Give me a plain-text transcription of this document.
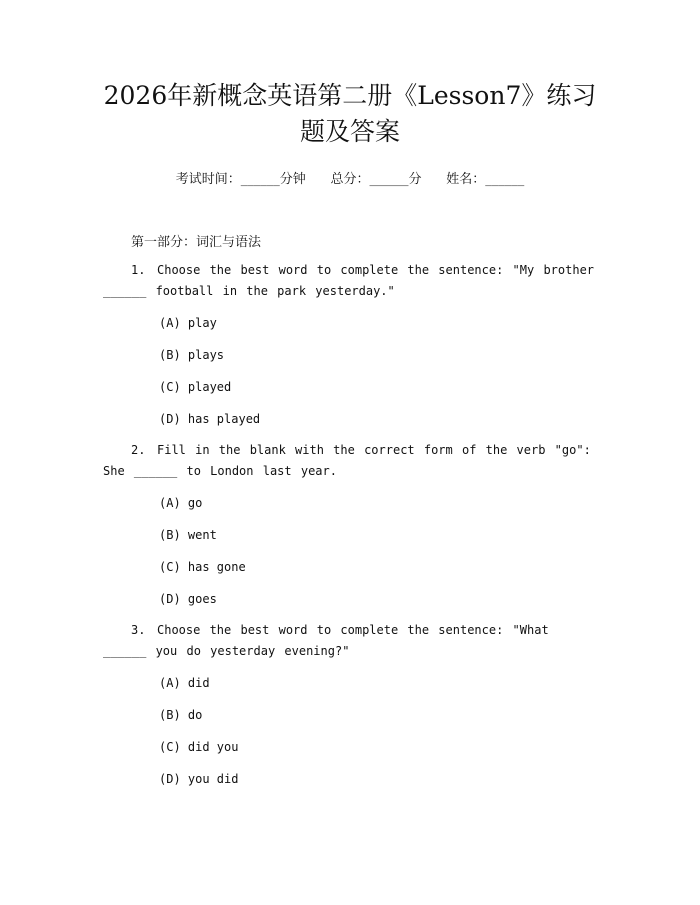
2026年新概念英语第二册《Lesson7》练习
题及答案
考试时间：______分钟      总分：______分      姓名：______
第一部分：词汇与语法
1. Choose the best word to complete the sentence: "My brother ______ football in the park yesterday."
(A) play
(B) plays
(C) played
(D) has played
2. Fill in the blank with the correct form of the verb "go": She ______ to London last year.
(A) go
(B) went
(C) has gone
(D) goes
3. Choose the best word to complete the sentence: "What ______ you do yesterday evening?"
(A) did
(B) do
(C) did you
(D) you did
